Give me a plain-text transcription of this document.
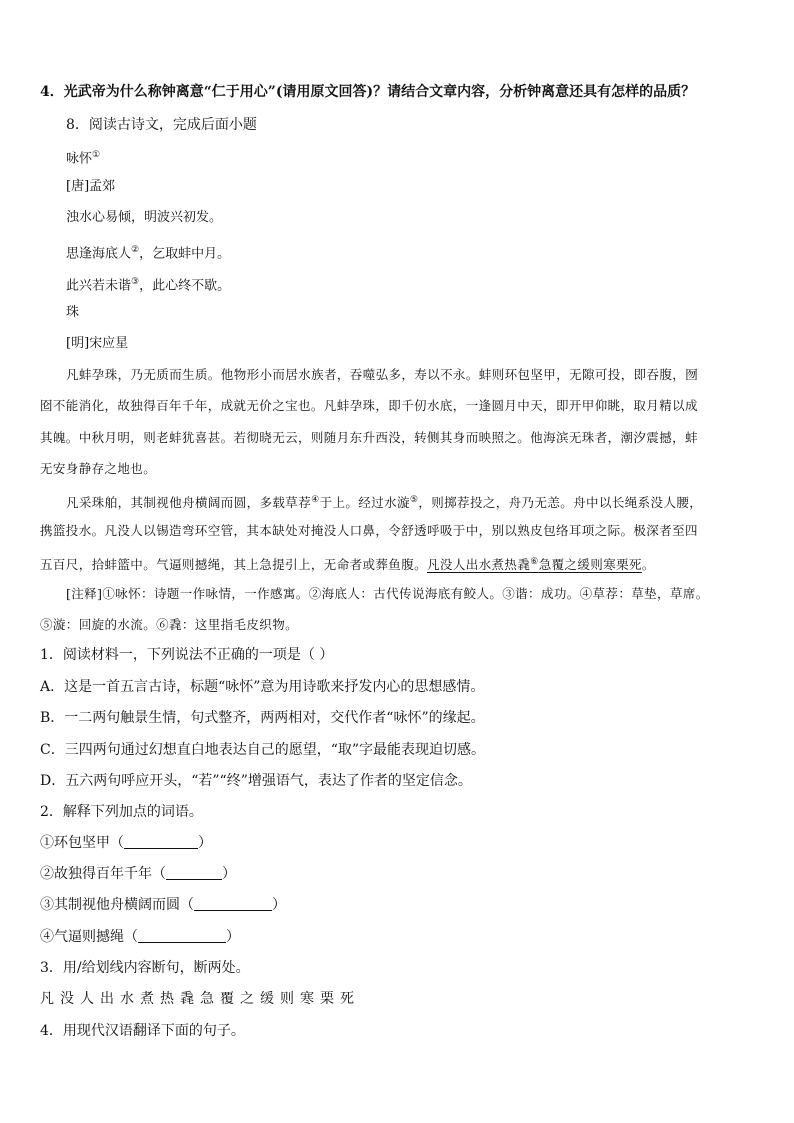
4．光武帝为什么称钟离意“仁于用心”(请用原文回答)？请结合文章内容，分析钟离意还具有怎样的品质？
8．阅读古诗文，完成后面小题
咏怀①
[唐]孟郊
浊水心易倾，明波兴初发。
思逢海底人②，乞取蚌中月。
此兴若未谐③，此心终不歇。
珠
[明]宋应星
凡蚌孕珠，乃无质而生质。他物形小而居水族者，吞噬弘多，寿以不永。蚌则环包坚甲，无隙可投，即吞腹，囫
囵不能消化，故独得百年千年，成就无价之宝也。凡蚌孕珠，即千仞水底，一逢圆月中天，即开甲仰眺，取月精以成
其魄。中秋月明，则老蚌犹喜甚。若彻晓无云，则随月东升西没，转侧其身而映照之。他海滨无珠者，潮汐震撼，蚌
无安身静存之地也。
凡采珠舶，其制视他舟横阔而圆，多载草荐④于上。经过水漩⑤，则掷荐投之，舟乃无恙。舟中以长绳系没人腰，
携篮投水。凡没人以锡造弯环空管，其本缺处对掩没人口鼻，令舒透呼吸于中，别以熟皮包络耳项之际。极深者至四
五百尺，拾蚌篮中。气逼则撼绳，其上急提引上，无命者或葬鱼腹。凡没人出水煮热毳⑥急覆之缓则寒栗死。
[注释]①咏怀：诗题一作咏情，一作感寓。②海底人：古代传说海底有鲛人。③谐：成功。④草荐：草垫，草席。
⑤漩：回旋的水流。⑥毳：这里指毛皮织物。
1．阅读材料一，下列说法不正确的一项是（ ）
A．这是一首五言古诗，标题“咏怀”意为用诗歌来抒发内心的思想感情。
B．一二两句触景生情，句式整齐，两两相对，交代作者“咏怀”的缘起。
C．三四两句通过幻想直白地表达自己的愿望，“取”字最能表现迫切感。
D．五六两句呼应开头，“若”“终”增强语气，表达了作者的坚定信念。
2．解释下列加点的词语。
①环包坚甲（	）
②故独得百年千年（	）
③其制视他舟横阔而圆（	）
④气逼则撼绳（	）
3．用/给划线内容断句，断两处。
凡没人出水煮热毳急覆之缓则寒栗死
4．用现代汉语翻译下面的句子。
